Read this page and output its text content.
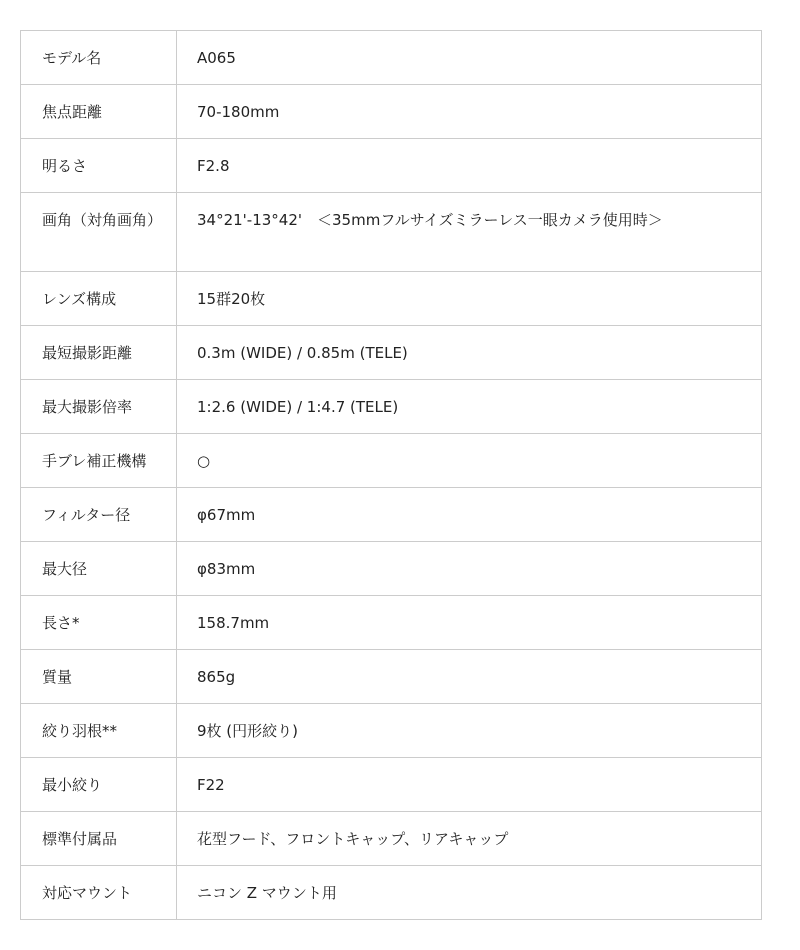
モデル名	A065
焦点距離	70-180mm
明るさ	F2.8
画角（対角画角）	34°21'-13°42'　＜35mmフルサイズミラーレス一眼カメラ使用時＞
レンズ構成	15群20枚
最短撮影距離	0.3m (WIDE) / 0.85m (TELE)
最大撮影倍率	1:2.6 (WIDE) / 1:4.7 (TELE)
手ブレ補正機構	○
フィルター径	φ67mm
最大径	φ83mm
長さ*	158.7mm
質量	865g
絞り羽根**	9枚 (円形絞り)
最小絞り	F22
標準付属品	花型フード、フロントキャップ、リアキャップ
対応マウント	ニコン Z マウント用
